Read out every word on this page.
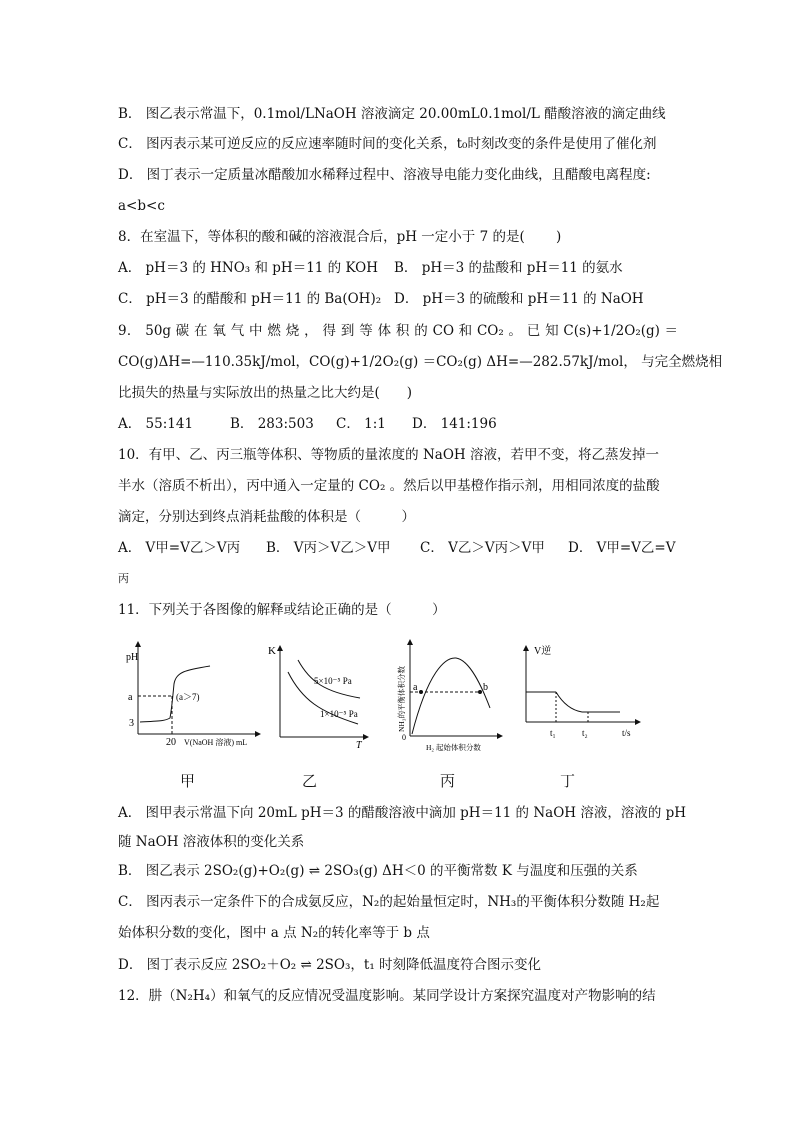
B． 图乙表示常温下，0.1mol/LNaOH 溶液滴定 20.00mL0.1mol/L 醋酸溶液的滴定曲线
C． 图丙表示某可逆反应的反应速率随时间的变化关系，t₀时刻改变的条件是使用了催化剂
D． 图丁表示一定质量冰醋酸加水稀释过程中、溶液导电能力变化曲线，且醋酸电离程度:
a<b<c
8．在室温下，等体积的酸和碱的溶液混合后，pH 一定小于 7 的是(　　 )
A． pH＝3 的 HNO₃ 和 pH＝11 的 KOH B． pH＝3 的盐酸和 pH＝11 的氨水
C． pH＝3 的醋酸和 pH＝11 的 Ba(OH)₂ D． pH＝3 的硫酸和 pH＝11 的 NaOH
9． 50g 碳 在 氧 气 中 燃 烧 ， 得 到 等 体 积 的 CO 和 CO₂ 。 已 知 C(s)+1/2O₂(g) ＝
CO(g)ΔH=—110.35kJ/mol，CO(g)+1/2O₂(g) ＝CO₂(g) ΔH=—282.57kJ/mol， 与完全燃烧相
比损失的热量与实际放出的热量之比大约是(　　)
A． 55:141	B． 283:503 C． 1:1 D． 141:196
10．有甲、乙、丙三瓶等体积、等物质的量浓度的 NaOH 溶液，若甲不变，将乙蒸发掉一
半水（溶质不析出），丙中通入一定量的 CO₂ 。然后以甲基橙作指示剂，用相同浓度的盐酸
滴定，分别达到终点消耗盐酸的体积是（　　　）
A． V甲=V乙＞V丙 B． V丙＞V乙＞V甲 C． V乙＞V丙＞V甲 D． V甲=V乙=V
丙
11．下列关于各图像的解释或结论正确的是（　　　）
pH
a
3
(a＞7)
20 V(NaOH 溶液) mL
K
5×10⁻⁵ Pa
1×10⁻⁵ Pa
T
a	b
0
NH₃的平衡体积分数
H₂ 起始体积分数
V逆
t₁	t₂	t/s
甲	乙	丙	丁
A． 图甲表示常温下向 20mL pH＝3 的醋酸溶液中滴加 pH＝11 的 NaOH 溶液，溶液的 pH
随 NaOH 溶液体积的变化关系
B． 图乙表示 2SO₂(g)+O₂(g) ⇌ 2SO₃(g) ΔH＜0 的平衡常数 K 与温度和压强的关系
C． 图丙表示一定条件下的合成氨反应，N₂的起始量恒定时，NH₃的平衡体积分数随 H₂起
始体积分数的变化，图中 a 点 N₂的转化率等于 b 点
D． 图丁表示反应 2SO₂＋O₂ ⇌ 2SO₃，t₁ 时刻降低温度符合图示变化
12．肼（N₂H₄）和氧气的反应情况受温度影响。某同学设计方案探究温度对产物影响的结
